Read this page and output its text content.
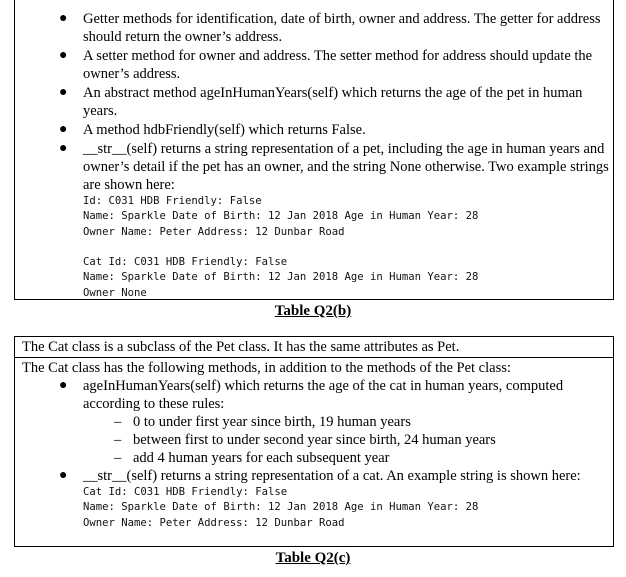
● Getter methods for identification, date of birth, owner and address. The getter for address should return the owner’s address.
● A setter method for owner and address. The setter method for address should update the owner’s address.
● An abstract method ageInHumanYears(self) which returns the age of the pet in human years.
● A method hdbFriendly(self) which returns False.
● __str__(self) returns a string representation of a pet, including the age in human years and owner’s detail if the pet has an owner, and the string None otherwise. Two example strings are shown here:
Id: C031 HDB Friendly: False
Name: Sparkle Date of Birth: 12 Jan 2018 Age in Human Year: 28
Owner Name: Peter Address: 12 Dunbar Road

Cat Id: C031 HDB Friendly: False
Name: Sparkle Date of Birth: 12 Jan 2018 Age in Human Year: 28
Owner None
Table Q2(b)
The Cat class is a subclass of the Pet class. It has the same attributes as Pet.
The Cat class has the following methods, in addition to the methods of the Pet class:
● ageInHumanYears(self) which returns the age of the cat in human years, computed according to these rules:
– 0 to under first year since birth, 19 human years
– between first to under second year since birth, 24 human years
– add 4 human years for each subsequent year
● __str__(self) returns a string representation of a cat. An example string is shown here:
Cat Id: C031 HDB Friendly: False
Name: Sparkle Date of Birth: 12 Jan 2018 Age in Human Year: 28
Owner Name: Peter Address: 12 Dunbar Road
Table Q2(c)
